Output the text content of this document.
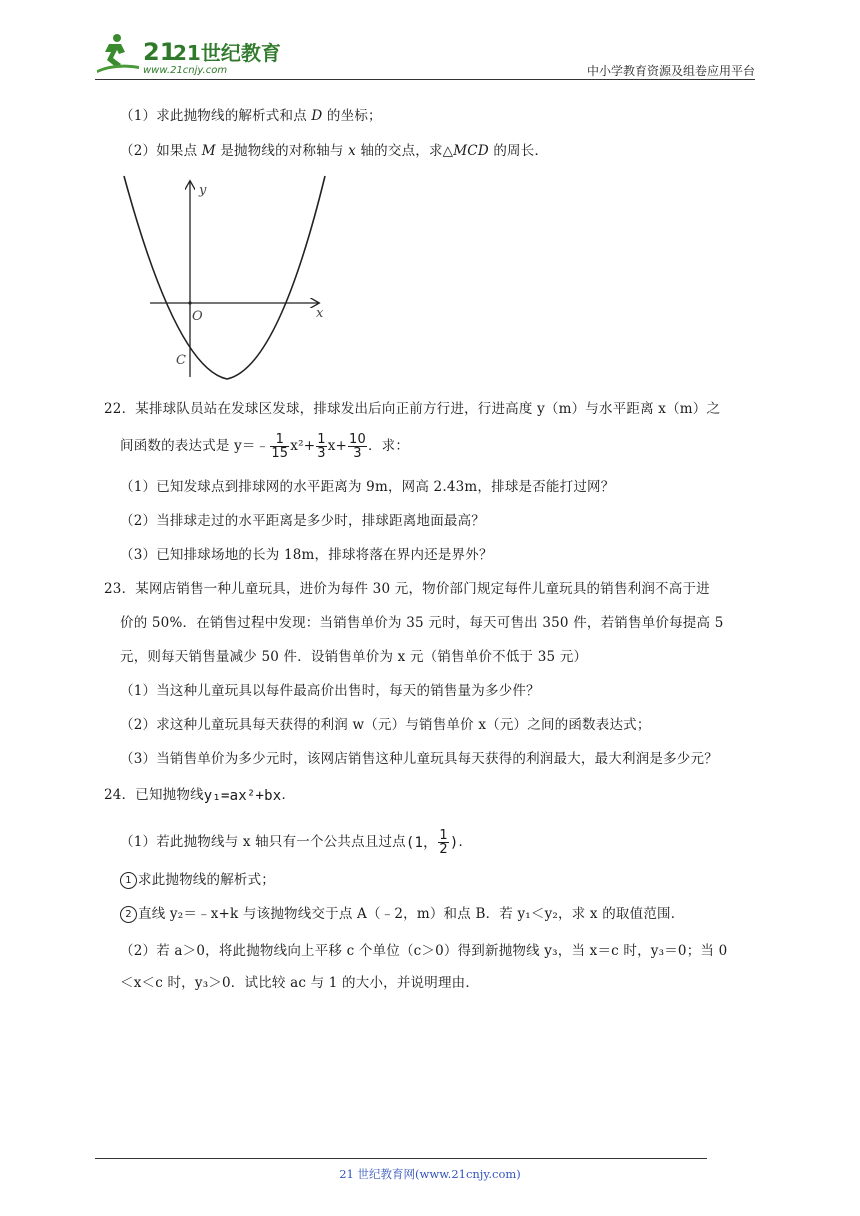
21
21世纪教育
www.21cnjy.com	中小学教育资源及组卷应用平台
（1）求此抛物线的解析式和点 D 的坐标；
（2）如果点 M 是抛物线的对称轴与 x 轴的交点，求△MCD 的周长．
y
x
O
C
22．某排球队员站在发球区发球，排球发出后向正前方行进，行进高度 y（m）与水平距离 x（m）之
间函数的表达式是 y＝﹣ $\frac{1}{15} x^2+ \frac{1}{3} x+ \frac{10}{3}$ ．求：
（1）已知发球点到排球网的水平距离为 9m，网高 2.43m，排球是否能打过网？
（2）当排球走过的水平距离是多少时，排球距离地面最高？
（3）已知排球场地的长为 18m，排球将落在界内还是界外？
23．某网店销售一种儿童玩具，进价为每件 30 元，物价部门规定每件儿童玩具的销售利润不高于进
价的 50%．在销售过程中发现：当销售单价为 35 元时，每天可售出 350 件，若销售单价每提高 5
元，则每天销售量减少 50 件．设销售单价为 x 元（销售单价不低于 35 元）
（1）当这种儿童玩具以每件最高价出售时，每天的销售量为多少件？
（2）求这种儿童玩具每天获得的利润 w（元）与销售单价 x（元）之间的函数表达式；
（3）当销售单价为多少元时，该网店销售这种儿童玩具每天获得的利润最大，最大利润是多少元？
24．已知抛物线y₁=ax²+bx．
（1）若此抛物线与 x 轴只有一个公共点且过点(1， $\frac{1}{2}$ )．
1 求此抛物线的解析式；
2 直线 y₂＝﹣x+k 与该抛物线交于点 A（﹣2，m）和点 B．若 y₁＜y₂，求 x 的取值范围．
（2）若 a＞0，将此抛物线向上平移 c 个单位（c＞0）得到新抛物线 y₃，当 x＝c 时，y₃＝0；当 0
＜x＜c 时，y₃＞0．试比较 ac 与 1 的大小，并说明理由．
21 世纪教育网(www.21cnjy.com)
